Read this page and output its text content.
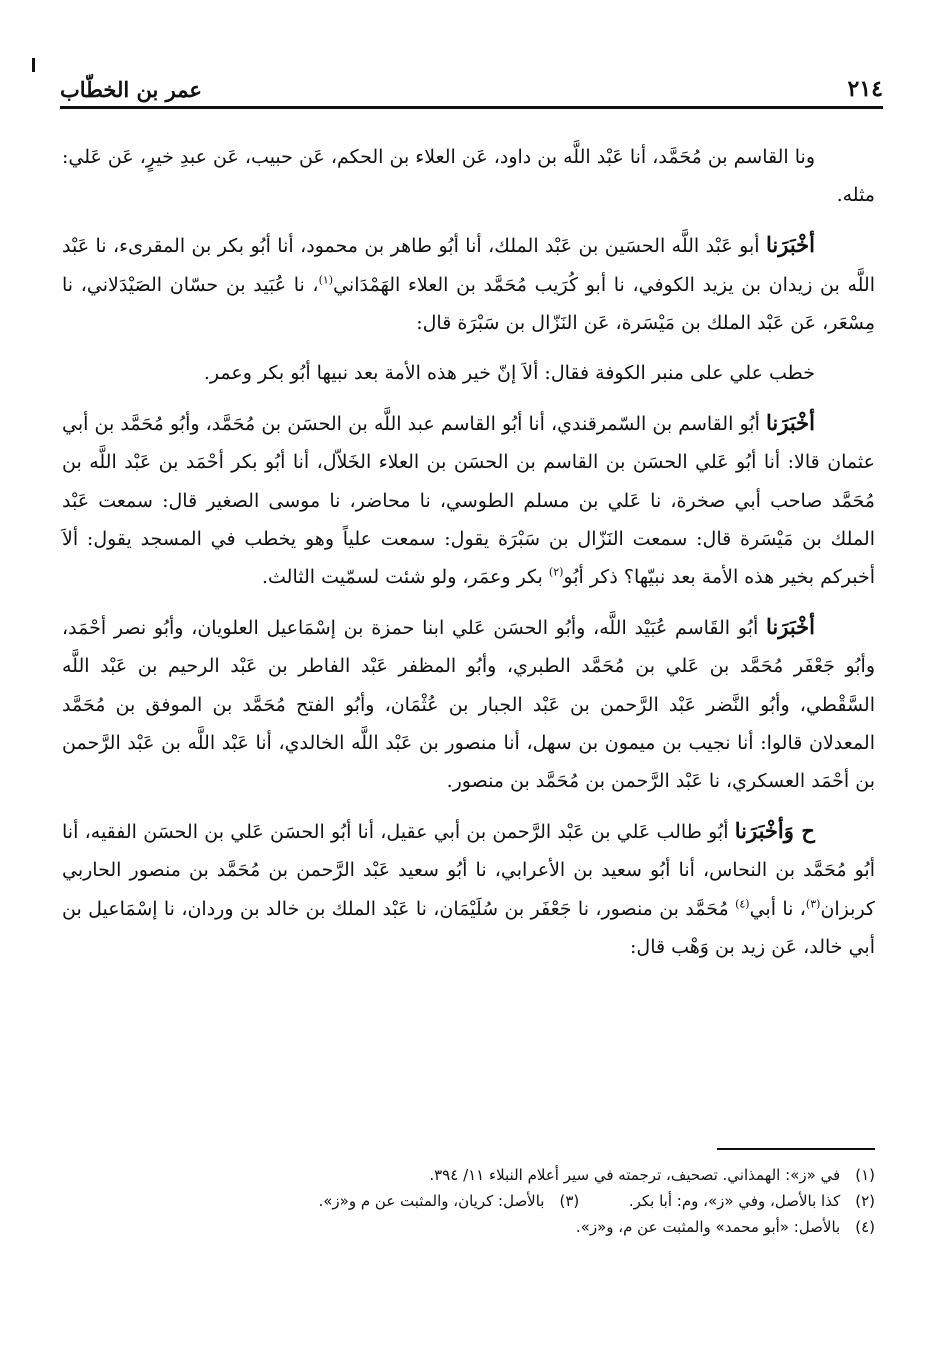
٢١٤
عمر بن الخطّاب

ونا القاسم بن مُحَمَّد، أنا عَبْد اللَّه بن داود، عَن العلاء بن الحكم، عَن حبيب، عَن عبدِ خيرٍ، عَن عَلي: مثله.

أخْبَرَنا أبو عَبْد اللَّه الحسَين بن عَبْد الملك، أنا أبُو طاهر بن محمود، أنا أبُو بكر بن المقرىء، نا عَبْد اللَّه بن زيدان بن يزيد الكوفي، نا أبو كُرَيب مُحَمَّد بن العلاء الهَمْدَاني$^{(١)}$، نا عُبَيد بن حسّان الصَيْدَلاني، نا مِسْعَر، عَن عَبْد الملك بن مَيْسَرة، عَن النَزّال بن سَبْرَة قال:

خطب علي على منبر الكوفة فقال: ألاَ إنّ خير هذه الأمة بعد نبيها أبُو بكر وعمر.

أخْبَرَنا أبُو القاسم بن السّمرقندي، أنا أبُو القاسم عبد اللَّه بن الحسَن بن مُحَمَّد، وأبُو مُحَمَّد بن أبي عثمان قالا: أنا أبُو عَلي الحسَن بن القاسم بن الحسَن بن العلاء الخَلاّل، أنا أبُو بكر أحْمَد بن عَبْد اللَّه بن مُحَمَّد صاحب أبي صخرة، نا عَلي بن مسلم الطوسي، نا محاضر، نا موسى الصغير قال: سمعت عَبْد الملك بن مَيْسَرة قال: سمعت النَزّال بن سَبْرَة يقول: سمعت علياً وهو يخطب في المسجد يقول: ألاَ أخبركم بخير هذه الأمة بعد نبيّها؟ ذكر أبُو$^{(٢)}$ بكر وعمَر، ولو شئت لسمّيت الثالث.

أخْبَرَنا أبُو القَاسم عُبَيْد اللَّه، وأبُو الحسَن عَلي ابنا حمزة بن إسْمَاعيل العلويان، وأبُو نصر أحْمَد، وأبُو جَعْفَر مُحَمَّد بن عَلي بن مُحَمَّد الطبري، وأبُو المظفر عَبْد الفاطر بن عَبْد الرحيم بن عَبْد اللَّه السَّقْطي، وأبُو النَّضر عَبْد الرَّحمن بن عَبْد الجبار بن عُثْمَان، وأبُو الفتح مُحَمَّد بن الموفق بن مُحَمَّد المعدلان قالوا: أنا نجيب بن ميمون بن سهل، أنا منصور بن عَبْد اللَّه الخالدي، أنا عَبْد اللَّه بن عَبْد الرَّحمن بن أحْمَد العسكري، نا عَبْد الرَّحمن بن مُحَمَّد بن منصور.

ح وَأخْبَرَنا أبُو طالب عَلي بن عَبْد الرَّحمن بن أبي عقيل، أنا أبُو الحسَن عَلي بن الحسَن الفقيه، أنا أبُو مُحَمَّد بن النحاس، أنا أبُو سعيد بن الأعرابي، نا أبُو سعيد عَبْد الرَّحمن بن مُحَمَّد بن منصور الحاربي كربزان$^{(٣)}$، نا أبي$^{(٤)}$ مُحَمَّد بن منصور، نا جَعْفَر بن سُلَيْمَان، نا عَبْد الملك بن خالد بن وردان، نا إسْمَاعيل بن أبي خالد، عَن زيد بن وَهْب قال:

(١) في «ز»: الهمذاني. تصحيف، ترجمته في سير أعلام النبلاء ١١/ ٣٩٤.
(٢) كذا بالأصل، وفي «ز»، وم: أبا بكر.  (٣) بالأصل: كريان، والمثبت عن م و«ز».
(٤) بالأصل: «أبو محمد» والمثبت عن م، و«ز».
